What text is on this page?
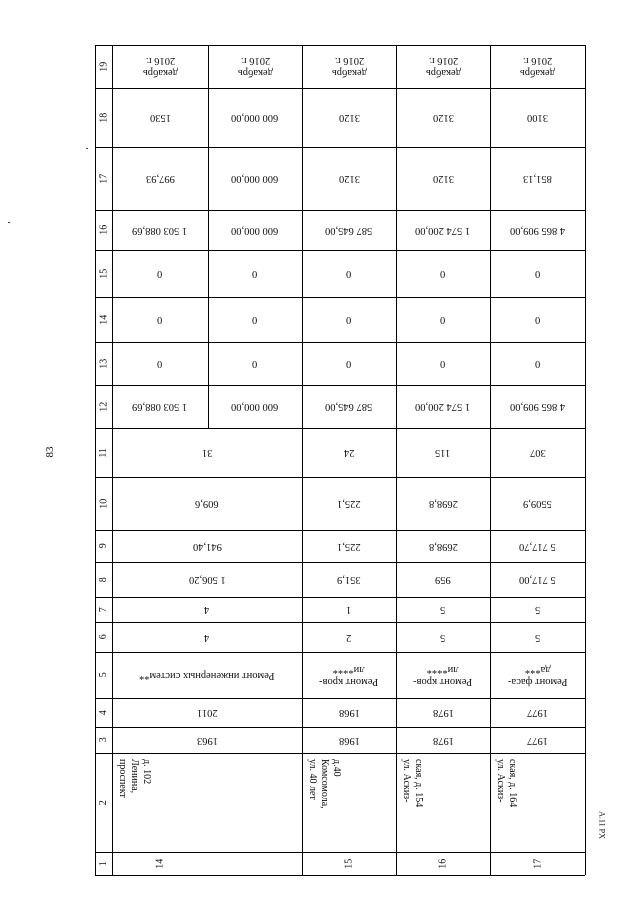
1
2
3
4
5
6
7
8
9
10
11
12
13
14
15
16
17
18
19
14
проспект
Ленина,
д. 102
1963
2011
Ремонт инженерных систем**
4
4
1 506,20
941,40
609,6
31
1 503 088,69
0
0
0
1 503 088,69
997,93
1530
декабрь
2016 г.
600 000,00
0
0
0
600 000,00
600 000,00
600 000,00
декабрь
2016 г.
15
ул. 40 лет
Комсомола,
д.40
1968
1968
Ремонт кров-
ли****
2
1
351,9
225,1
225,1
24
587 645,00
0
0
0
587 645,00
3120
3120
декабрь
2016 г.
16
ул. Аскиз-
ская, д. 154
1978
1978
Ремонт кров-
ли****
5
5
959
2698,8
2698,8
115
1 574 200,00
0
0
0
1 574 200,00
3120
3120
декабрь
2016 г.
17
ул. Аскиз-
ская, д. 164
1977
1977
Ремонт фаса-
да***
5
5
5 717,00
5 717,70
5509,9
307
4 865 909,00
0
0
0
4 865 909,00
851,13
3100
декабрь
2016 г.
83
A.11 PX
